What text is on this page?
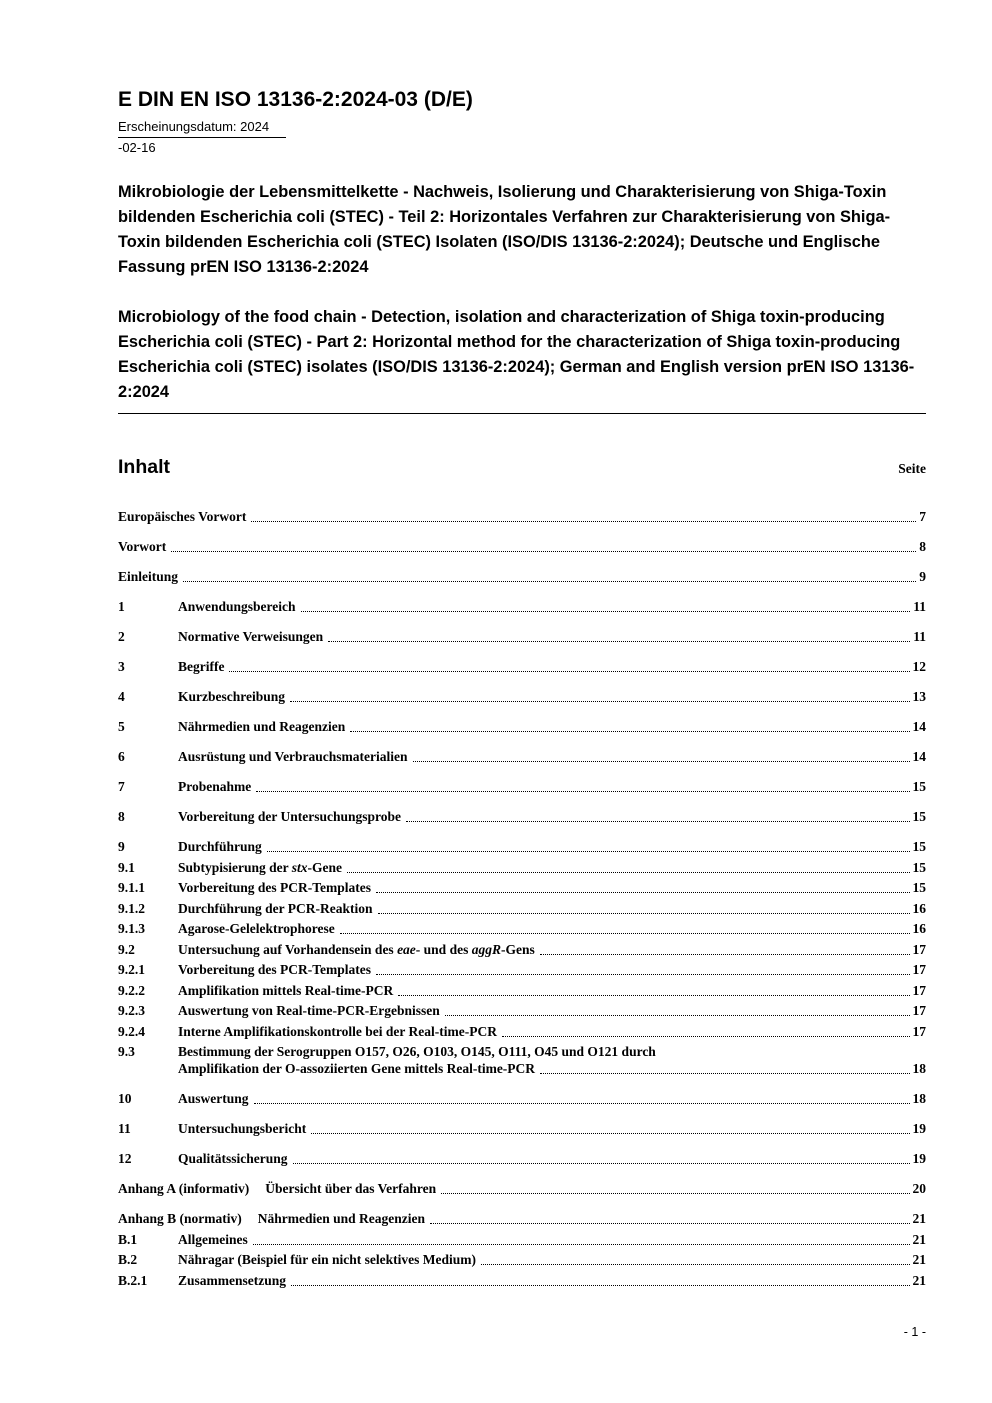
E DIN EN ISO 13136-2:2024-03 (D/E)
Erscheinungsdatum: 2024
-02-16
Mikrobiologie der Lebensmittelkette - Nachweis, Isolierung und Charakterisierung von Shiga-Toxin bildenden Escherichia coli (STEC) - Teil 2: Horizontales Verfahren zur Charakterisierung von Shiga-Toxin bildenden Escherichia coli (STEC) Isolaten (ISO/DIS 13136-2:2024); Deutsche und Englische Fassung prEN ISO 13136-2:2024
Microbiology of the food chain - Detection, isolation and characterization of Shiga toxin-producing Escherichia coli (STEC) - Part 2: Horizontal method for the characterization of Shiga toxin-producing Escherichia coli (STEC) isolates (ISO/DIS 13136-2:2024); German and English version prEN ISO 13136-2:2024
Inhalt	Seite
Europäisches Vorwort	7
Vorwort	8
Einleitung	9
1	Anwendungsbereich	11
2	Normative Verweisungen	11
3	Begriffe	12
4	Kurzbeschreibung	13
5	Nährmedien und Reagenzien	14
6	Ausrüstung und Verbrauchsmaterialien	14
7	Probenahme	15
8	Vorbereitung der Untersuchungsprobe	15
9	Durchführung	15
9.1	Subtypisierung der stx-Gene	15
9.1.1	Vorbereitung des PCR-Templates	15
9.1.2	Durchführung der PCR-Reaktion	16
9.1.3	Agarose-Gelelektrophorese	16
9.2	Untersuchung auf Vorhandensein des eae- und des aggR-Gens	17
9.2.1	Vorbereitung des PCR-Templates	17
9.2.2	Amplifikation mittels Real-time-PCR	17
9.2.3	Auswertung von Real-time-PCR-Ergebnissen	17
9.2.4	Interne Amplifikationskontrolle bei der Real-time-PCR	17
9.3	Bestimmung der Serogruppen O157, O26, O103, O145, O111, O45 und O121 durch
Amplifikation der O-assoziierten Gene mittels Real-time-PCR	18
10	Auswertung	18
11	Untersuchungsbericht	19
12	Qualitätssicherung	19
Anhang A (informativ)	Übersicht über das Verfahren	20
Anhang B (normativ)	Nährmedien und Reagenzien	21
B.1	Allgemeines	21
B.2	Nähragar (Beispiel für ein nicht selektives Medium)	21
B.2.1	Zusammensetzung	21
- 1 -
